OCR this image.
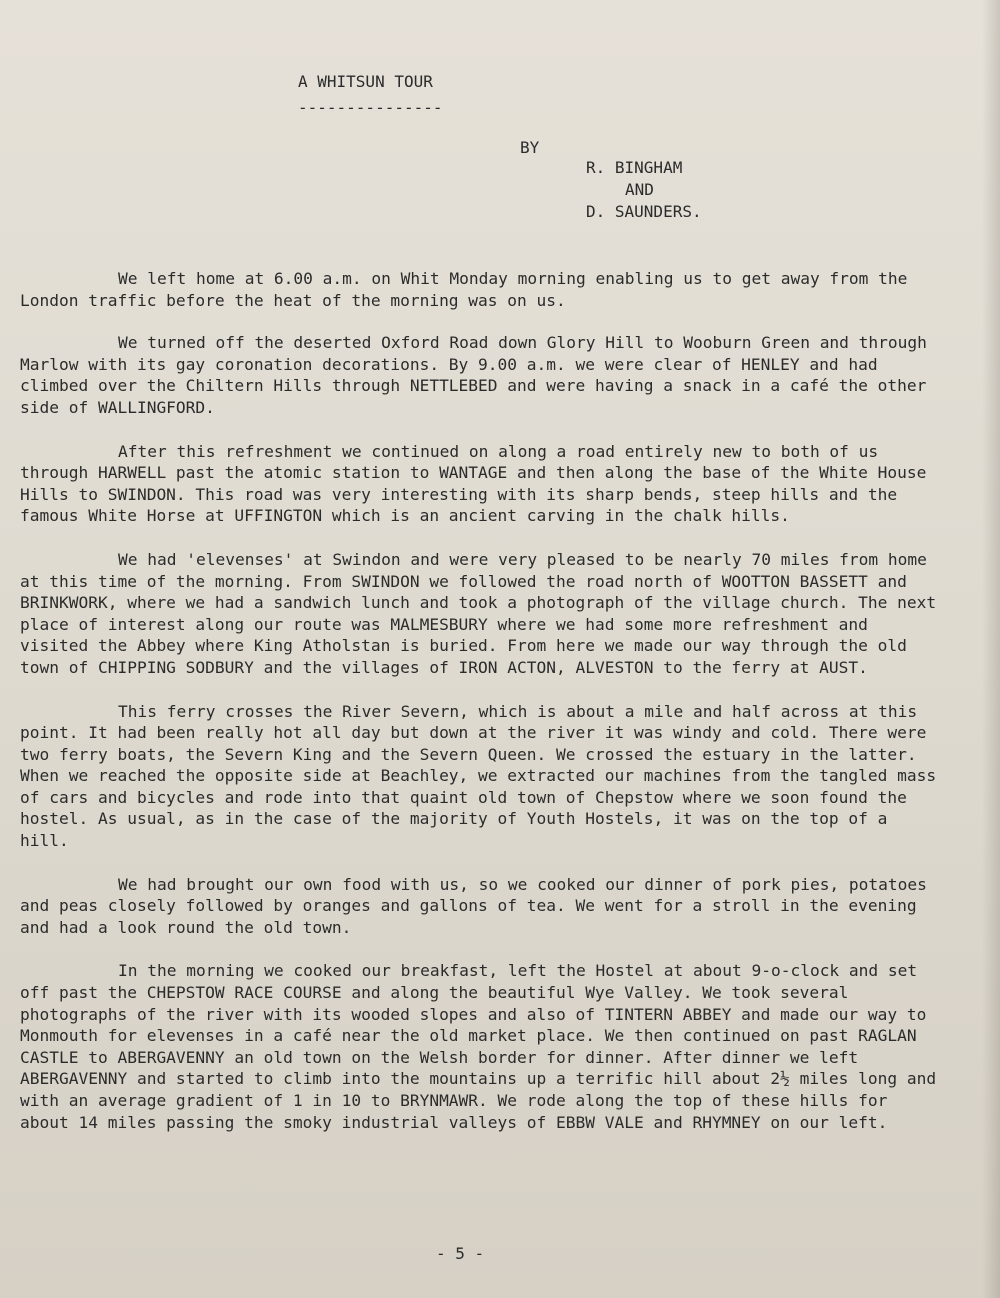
A WHITSUN TOUR
---------------
BY
R. BINGHAM
AND
D. SAUNDERS.

We left home at 6.00 a.m. on Whit Monday morning enabling us to get away from the London traffic before the heat of the morning was on us.

We turned off the deserted Oxford Road down Glory Hill to Wooburn Green and through Marlow with its gay coronation decorations. By 9.00 a.m. we were clear of HENLEY and had climbed over the Chiltern Hills through NETTLEBED and were having a snack in a café the other side of WALLINGFORD.

After this refreshment we continued on along a road entirely new to both of us through HARWELL past the atomic station to WANTAGE and then along the base of the White House Hills to SWINDON. This road was very interesting with its sharp bends, steep hills and the famous White Horse at UFFINGTON which is an ancient carving in the chalk hills.

We had 'elevenses' at Swindon and were very pleased to be nearly 70 miles from home at this time of the morning. From SWINDON we followed the road north of WOOTTON BASSETT and BRINKWORK, where we had a sandwich lunch and took a photograph of the village church. The next place of interest along our route was MALMESBURY where we had some more refreshment and visited the Abbey where King Atholstan is buried. From here we made our way through the old town of CHIPPING SODBURY and the villages of IRON ACTON, ALVESTON to the ferry at AUST.

This ferry crosses the River Severn, which is about a mile and half across at this point. It had been really hot all day but down at the river it was windy and cold. There were two ferry boats, the Severn King and the Severn Queen. We crossed the estuary in the latter. When we reached the opposite side at Beachley, we extracted our machines from the tangled mass of cars and bicycles and rode into that quaint old town of Chepstow where we soon found the hostel. As usual, as in the case of the majority of Youth Hostels, it was on the top of a hill.

We had brought our own food with us, so we cooked our dinner of pork pies, potatoes and peas closely followed by oranges and gallons of tea. We went for a stroll in the evening and had a look round the old town.

In the morning we cooked our breakfast, left the Hostel at about 9-o-clock and set off past the CHEPSTOW RACE COURSE and along the beautiful Wye Valley. We took several photographs of the river with its wooded slopes and also of TINTERN ABBEY and made our way to Monmouth for elevenses in a café near the old market place. We then continued on past RAGLAN CASTLE to ABERGAVENNY an old town on the Welsh border for dinner. After dinner we left ABERGAVENNY and started to climb into the mountains up a terrific hill about 2½ miles long and with an average gradient of 1 in 10 to BRYNMAWR. We rode along the top of these hills for about 14 miles passing the smoky industrial valleys of EBBW VALE and RHYMNEY on our left.

- 5 -
